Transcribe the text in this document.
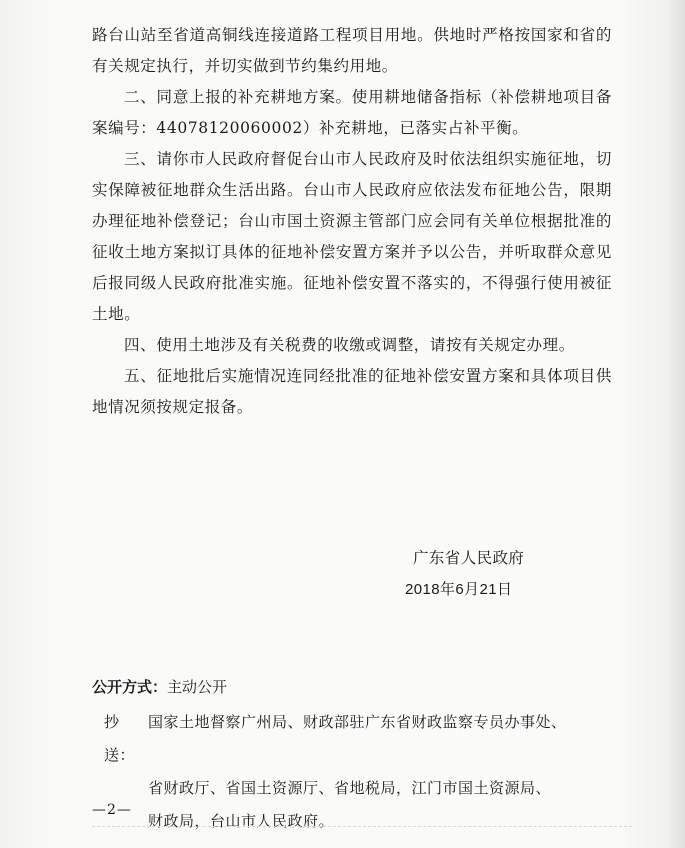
路台山站至省道高铜线连接道路工程项目用地。供地时严格按国家和省的有关规定执行，并切实做到节约集约用地。

二、同意上报的补充耕地方案。使用耕地储备指标（补偿耕地项目备案编号：44078120060002）补充耕地，已落实占补平衡。

三、请你市人民政府督促台山市人民政府及时依法组织实施征地，切实保障被征地群众生活出路。台山市人民政府应依法发布征地公告，限期办理征地补偿登记；台山市国土资源主管部门应会同有关单位根据批准的征收土地方案拟订具体的征地补偿安置方案并予以公告，并听取群众意见后报同级人民政府批准实施。征地补偿安置不落实的，不得强行使用被征土地。

四、使用土地涉及有关税费的收缴或调整，请按有关规定办理。

五、征地批后实施情况连同经批准的征地补偿安置方案和具体项目供地情况须按规定报备。

广东省人民政府
2018年6月21日
公开方式：主动公开
抄送：
国家土地督察广州局、财政部驻广东省财政监察专员办事处、
省财政厅、省国土资源厅、省地税局，江门市国土资源局、
财政局，台山市人民政府。
—2—
